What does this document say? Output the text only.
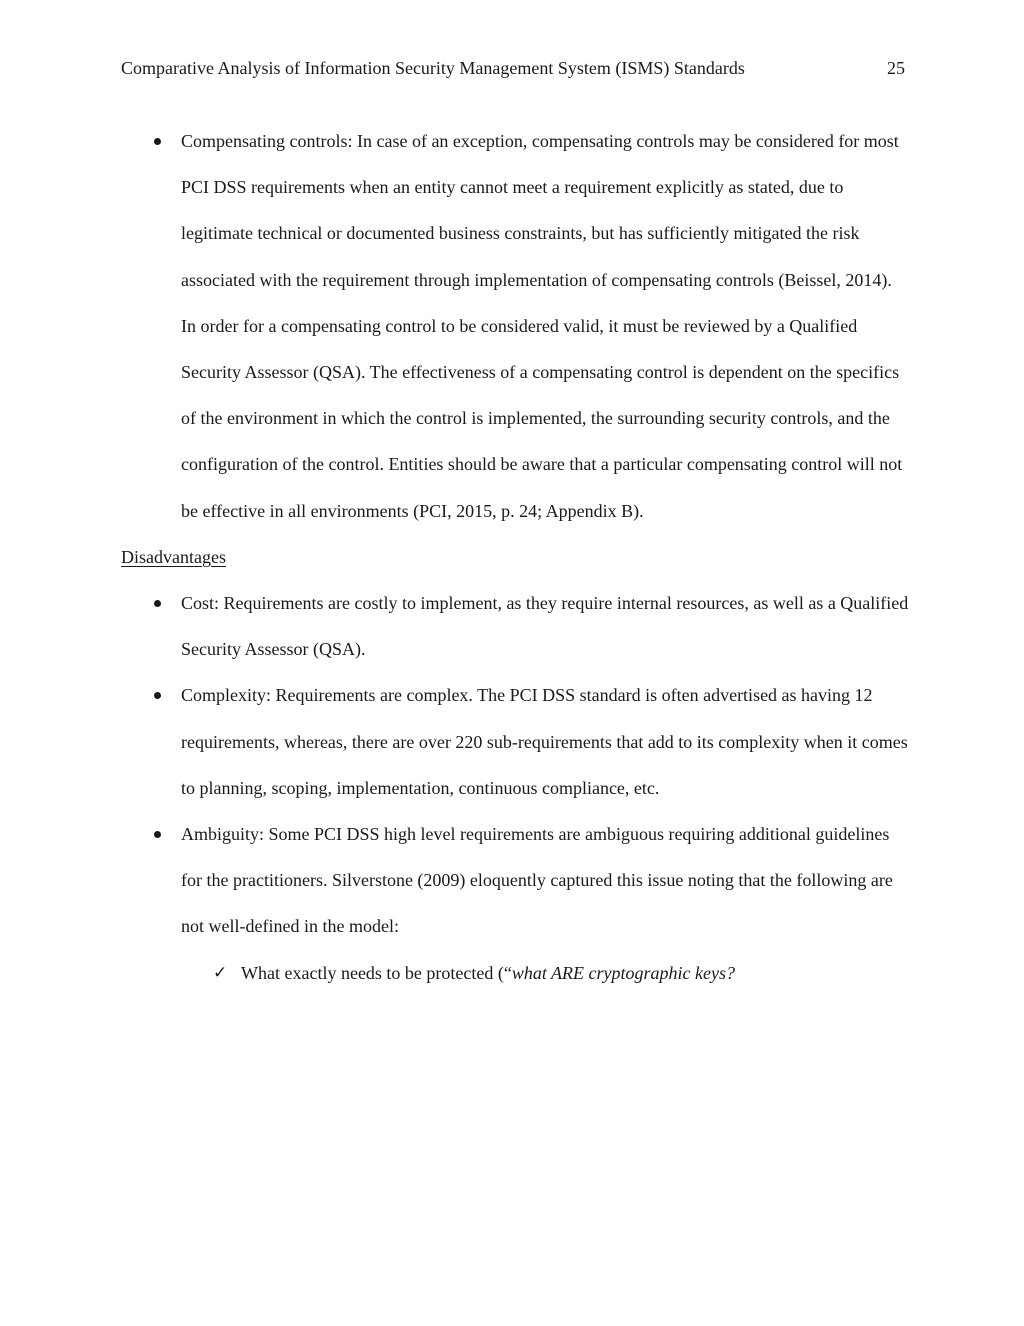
Comparative Analysis of Information Security Management System (ISMS) Standards	25

Compensating controls: In case of an exception, compensating controls may be considered for most PCI DSS requirements when an entity cannot meet a requirement explicitly as stated, due to legitimate technical or documented business constraints, but has sufficiently mitigated the risk associated with the requirement through implementation of compensating controls (Beissel, 2014). In order for a compensating control to be considered valid, it must be reviewed by a Qualified Security Assessor (QSA). The effectiveness of a compensating control is dependent on the specifics of the environment in which the control is implemented, the surrounding security controls, and the configuration of the control. Entities should be aware that a particular compensating control will not be effective in all environments (PCI, 2015, p. 24; Appendix B).

Disadvantages

Cost: Requirements are costly to implement, as they require internal resources, as well as a Qualified Security Assessor (QSA).

Complexity: Requirements are complex. The PCI DSS standard is often advertised as having 12 requirements, whereas, there are over 220 sub-requirements that add to its complexity when it comes to planning, scoping, implementation, continuous compliance, etc.

Ambiguity: Some PCI DSS high level requirements are ambiguous requiring additional guidelines for the practitioners. Silverstone (2009) eloquently captured this issue noting that the following are not well-defined in the model:

✓ What exactly needs to be protected (“what ARE cryptographic keys?
